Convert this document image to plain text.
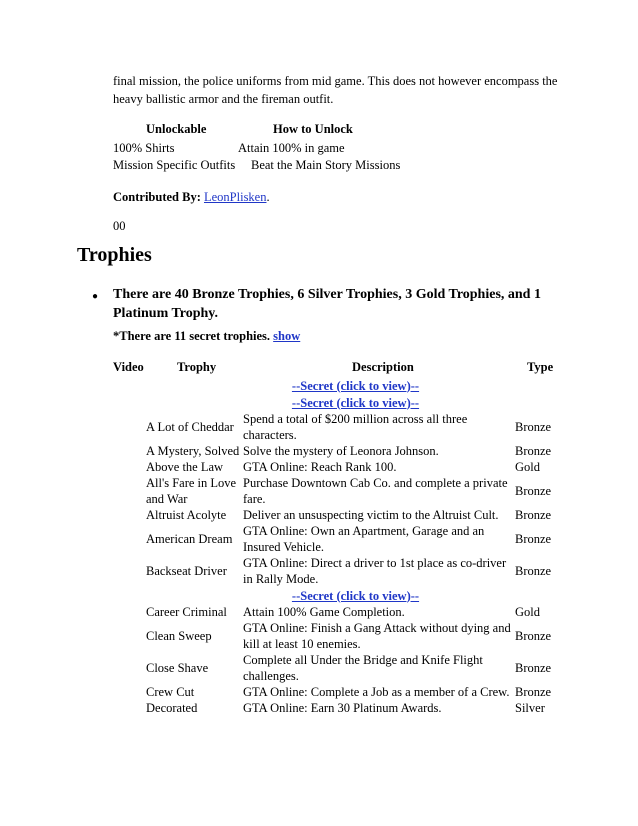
final mission, the police uniforms from mid game. This does not however encompass the
heavy ballistic armor and the fireman outfit.
Unlockable	How to Unlock
100% Shirts	Attain 100% in game
Mission Specific Outfits Beat the Main Story Missions
Contributed By: LeonPlisken.
00
Trophies
● There are 40 Bronze Trophies, 6 Silver Trophies, 3 Gold Trophies, and 1
Platinum Trophy.
*There are 11 secret trophies. show
Video	Trophy	Description	Type
--Secret (click to view)--		
--Secret (click to view)--		
A Lot of Cheddar	Spend a total of $200 million across all three characters.	Bronze
A Mystery, Solved	Solve the mystery of Leonora Johnson.	Bronze
Above the Law	GTA Online: Reach Rank 100.	Gold
All's Fare in Love and War	Purchase Downtown Cab Co. and complete a private fare.	Bronze
Altruist Acolyte	Deliver an unsuspecting victim to the Altruist Cult.	Bronze
American Dream	GTA Online: Own an Apartment, Garage and an Insured Vehicle.	Bronze
Backseat Driver	GTA Online: Direct a driver to 1st place as co-driver in Rally Mode.	Bronze
--Secret (click to view)--		
Career Criminal	Attain 100% Game Completion.	Gold
Clean Sweep	GTA Online: Finish a Gang Attack without dying and kill at least 10 enemies.	Bronze
Close Shave	Complete all Under the Bridge and Knife Flight challenges.	Bronze
Crew Cut	GTA Online: Complete a Job as a member of a Crew.	Bronze
Decorated	GTA Online: Earn 30 Platinum Awards.	Silver
